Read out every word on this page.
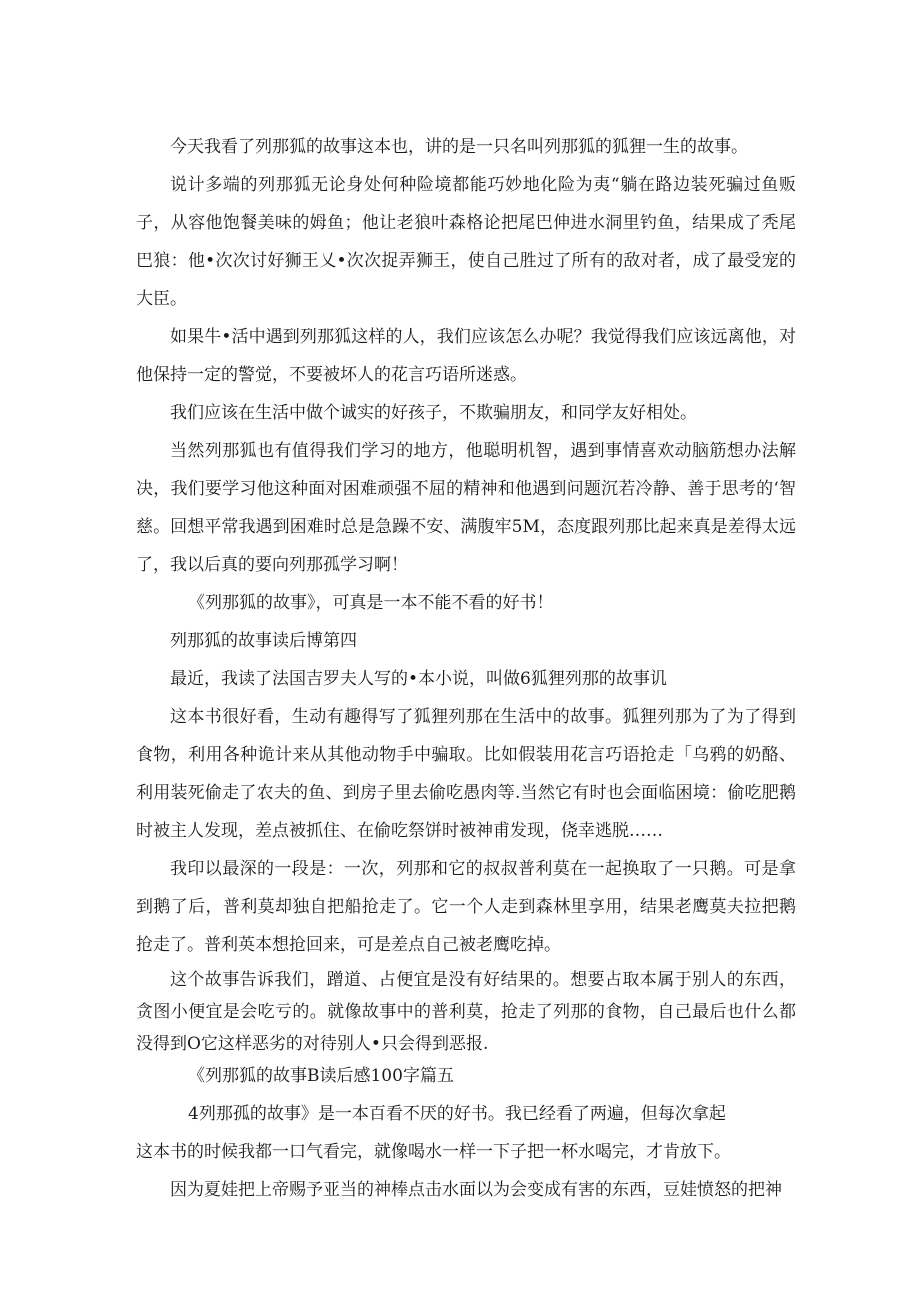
今天我看了列那狐的故事这本也，讲的是一只名叫列那狐的狐狸一生的故事。

说计多端的列那狐无论身处何种险境都能巧妙地化险为夷“躺在路边装死骗过鱼贩子，从容他饱餐美味的姆鱼；他让老狼叶森格论把尾巴伸进水洞里钓鱼，结果成了秃尾巴狼：他•次次讨好狮王乂•次次捉弄狮王，使自己胜过了所有的敌对者，成了最受宠的大臣。

如果牛•活中遇到列那狐这样的人，我们应该怎么办呢？我觉得我们应该远离他，对他保持一定的警觉，不要被坏人的花言巧语所迷惑。

我们应该在生活中做个诚实的好孩子，不欺骗朋友，和同学友好相处。

当然列那狐也有值得我们学习的地方，他聪明机智，遇到事情喜欢动脑筋想办法解决，我们要学习他这种面对困难顽强不屈的精神和他遇到问题沉若冷静、善于思考的‘智慈。回想平常我遇到困难时总是急躁不安、满腹牢5M，态度跟列那比起来真是差得太远了，我以后真的要向列那孤学习啊！

《列那狐的故事》，可真是一本不能不看的好书！

列那狐的故事读后博第四

最近，我读了法国吉罗夫人写的•本小说，叫做6狐狸列那的故事讥

这本书很好看，生动有趣得写了狐狸列那在生活中的故事。狐狸列那为了为了得到食物，利用各种诡计来从其他动物手中骗取。比如假装用花言巧语抢走「乌鸦的奶酪、利用装死偷走了农夫的鱼、到房子里去偷吃愚肉等.当然它有时也会面临困境：偷吃肥鹅时被主人发现，差点被抓住、在偷吃祭饼时被神甫发现，侥幸逃脱……

我印以最深的一段是：一次，列那和它的叔叔普利莫在一起换取了一只鹅。可是拿到鹅了后，普利莫却独自把船抢走了。它一个人走到森林里享用，结果老鹰莫夫拉把鹅抢走了。普利英本想抢回来，可是差点自己被老鹰吃掉。

这个故事告诉我们，蹭道、占便宜是没有好结果的。想要占取本属于别人的东西，贪图小便宜是会吃亏的。就像故事中的普利莫，抢走了列那的食物，自己最后也什么都没得到O它这样恶劣的对待别人•只会得到恶报.

《列那狐的故事B读后感100字篇五

4列那孤的故事》是一本百看不厌的好书。我已经看了两遍，但每次拿起

这本书的时候我都一口气看完，就像喝水一样一下子把一杯水喝完，才肯放下。

因为夏娃把上帝赐予亚当的神棒点击水面以为会变成有害的东西，豆娃愤怒的把神
